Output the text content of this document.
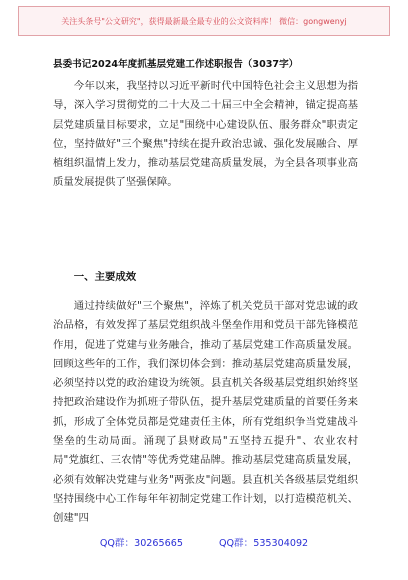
关注头条号"公文研究"，获得最新最全最专业的公文资料库！ 微信：gongwenyj
县委书记2024年度抓基层党建工作述职报告（3037字）

今年以来，我坚持以习近平新时代中国特色社会主义思想为指导，深入学习贯彻党的二十大及二十届三中全会精神，锚定提高基层党建质量目标要求，立足"围绕中心建设队伍、服务群众"职责定位，坚持做好"三个聚焦"持续在提升政治忠诚、强化发展融合、厚植组织温情上发力，推动基层党建高质量发展，为全县各项事业高质量发展提供了坚强保障。

一、主要成效

通过持续做好"三个聚焦"，淬炼了机关党员干部对党忠诚的政治品格，有效发挥了基层党组织战斗堡垒作用和党员干部先锋模范作用，促进了党建与业务融合，推动了基层党建工作高质量发展。回顾这些年的工作，我们深切体会到：推动基层党建高质量发展，必须坚持以党的政治建设为统领。县直机关各级基层党组织始终坚持把政治建设作为抓班子带队伍，提升基层党建质量的首要任务来抓，形成了全体党员都是党建责任主体，所有党组织争当党建战斗堡垒的生动局面。涌现了县财政局"五坚持五提升"、农业农村局"党旗红、三农情"等优秀党建品牌。推动基层党建高质量发展，必须有效解决党建与业务"两张皮"问题。县直机关各级基层党组织坚持围绕中心工作每年年初制定党建工作计划，以打造模范机关、创建"四

QQ群：30265665	QQ群：535304092
